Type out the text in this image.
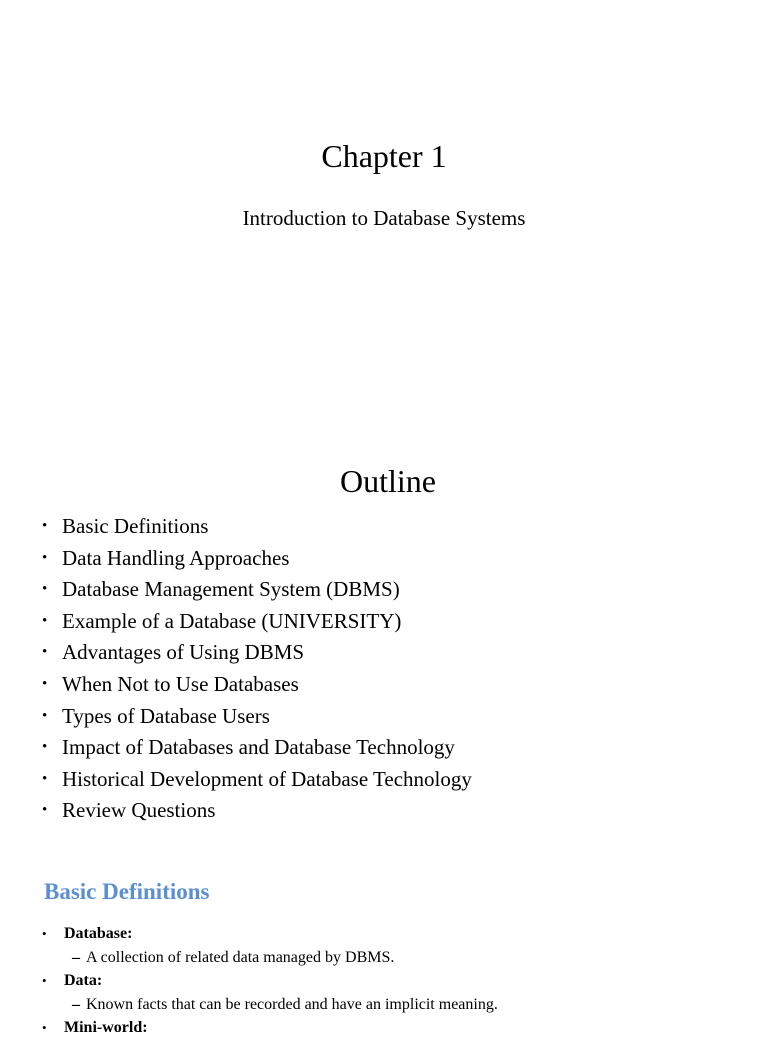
Chapter 1
Introduction to Database Systems
Outline
• Basic Definitions
• Data Handling Approaches
• Database Management System (DBMS)
• Example of a Database (UNIVERSITY)
• Advantages of Using DBMS
• When Not to Use Databases
• Types of Database Users
• Impact of Databases and Database Technology
• Historical Development of Database Technology
• Review Questions
Basic Definitions
• Database:
– A collection of related data managed by DBMS.
• Data:
– Known facts that can be recorded and have an implicit meaning.
• Mini-world:
